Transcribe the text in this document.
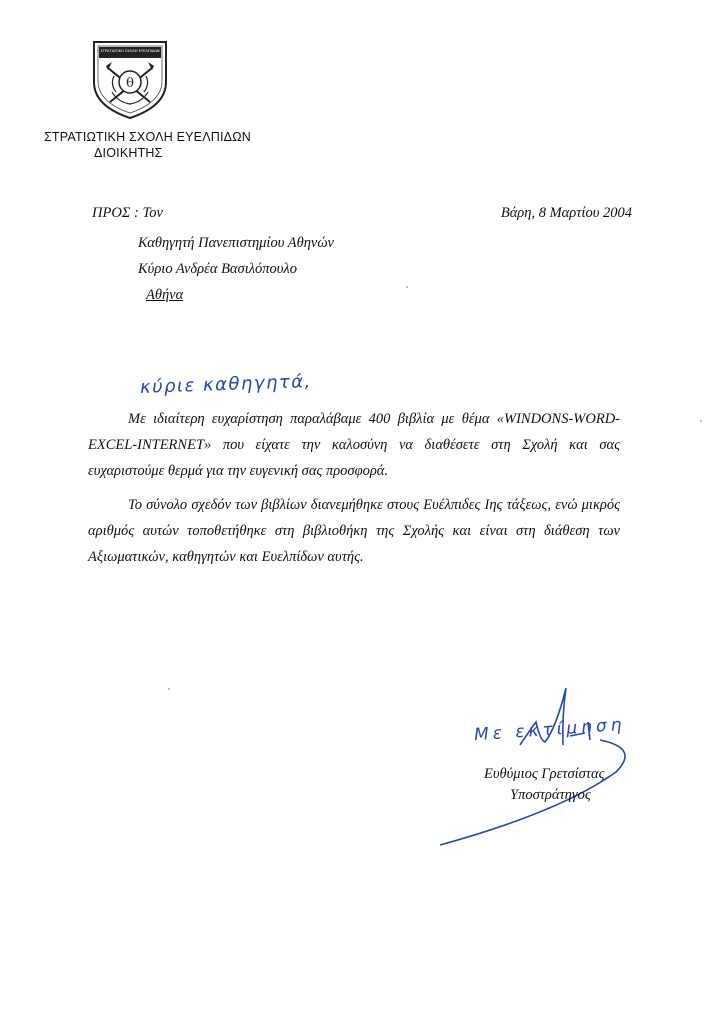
θ
ΣΤΡΑΤΙΩΤΙΚΗ ΣΧΟΛΗ ΕΥΕΛΠΙΔΩΝ
ΣΤΡΑΤΙΩΤΙΚΗ ΣΧΟΛΗ ΕΥΕΛΠΙΔΩΝ
ΔΙΟΙΚΗΤΗΣ
ΠΡΟΣ : Τον
Καθηγητή Πανεπιστημίου Αθηνών
Κύριο Ανδρέα Βασιλόπουλο
Αθήνα
Βάρη, 8 Μαρτίου 2004
κύριε καθηγητά,

Με ιδιαίτερη ευχαρίστηση παραλάβαμε 400 βιβλία με θέμα «WINDONS-WORD-EXCEL-INTERNET» που είχατε την καλοσύνη να διαθέσετε στη Σχολή και σας ευχαριστούμε θερμά για την ευγενική σας προσφορά.

Το σύνολο σχεδόν των βιβλίων διανεμήθηκε στους Ευέλπιδες Ιης τάξεως, ενώ μικρός αριθμός αυτών τοποθετήθηκε στη βιβλιοθήκη της Σχολής και είναι στη διάθεση των Αξιωματικών, καθηγητών και Ευελπίδων αυτής.

Με εκτίμηση
Ευθύμιος Γρετσίστας
Υποστράτηγος
